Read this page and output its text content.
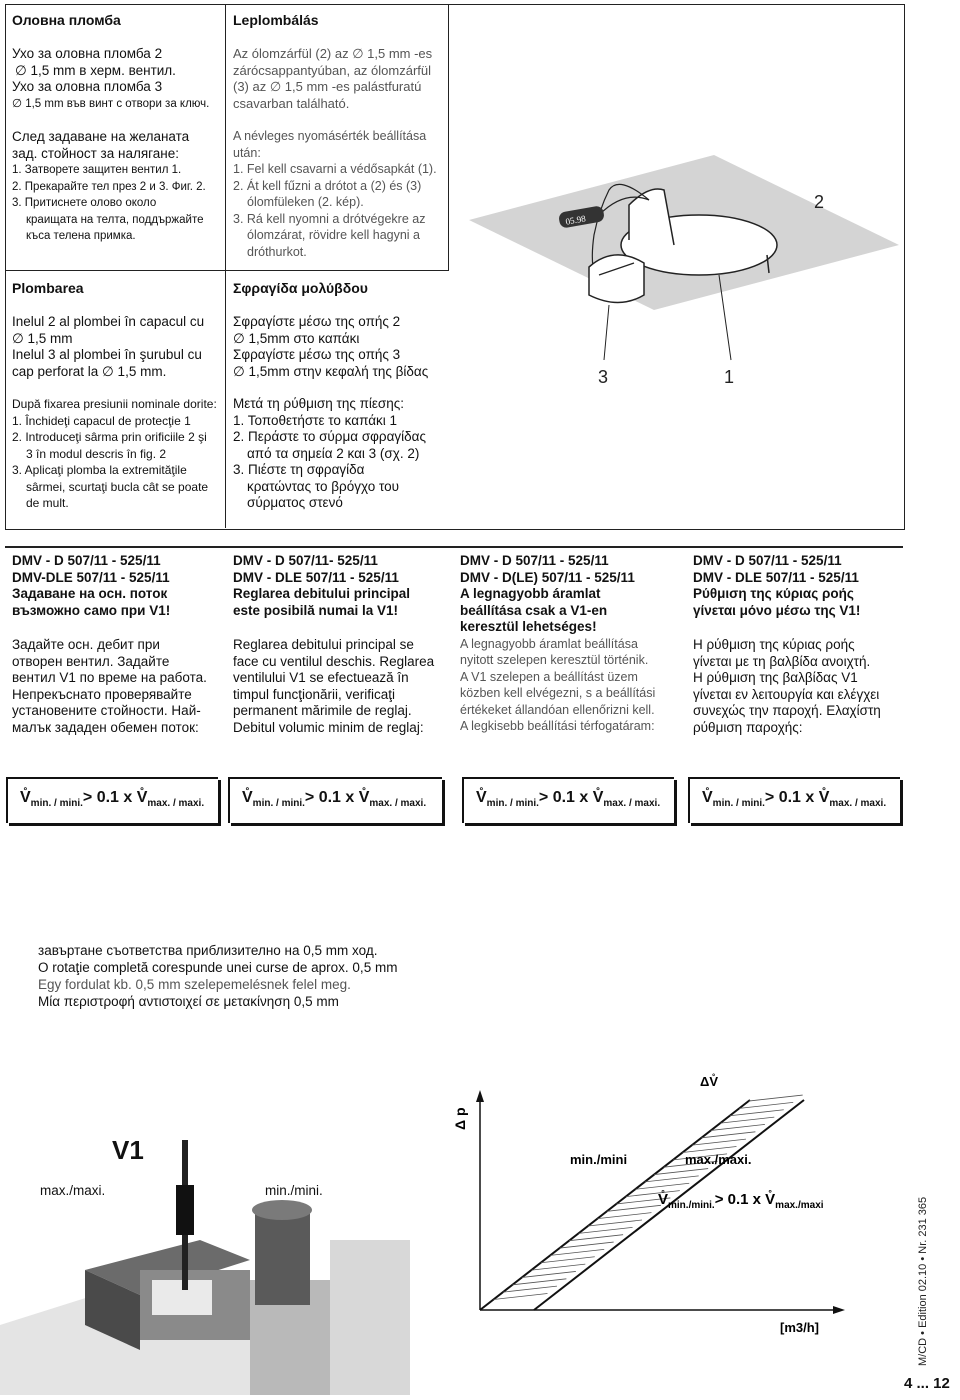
Оловна пломба

Ухо за оловна пломба 2

∅ 1,5 mm в херм. вентил.

Ухо за оловна пломба 3

∅ 1,5 mm във винт с отвори за ключ.

След задаване на желаната

зад. стойност за налягане:

1. Затворете защитен вентил 1.

2. Прекарайте тел през 2 и 3. Фиг. 2.

3. Притиснете олово около

краищата на телта, поддържайте

къса телена примка.

Leplombálás

Az ólomzárfül (2) az ∅ 1,5 mm -es

zárócsappantyúban, az ólomzárfül

(3) az ∅ 1,5 mm -es palástfuratú

csavarban található.

A névleges nyomásérték beállítása után:

1. Fel kell csavarni a védősapkát (1).

2. Át kell fűzni a drótot a (2) és (3)

ólomfüleken (2. kép).

3. Rá kell nyomni a drótvégekre az

ólomzárat, rövidre kell hagyni a

dróthurkot.

Plombarea

Inelul 2 al plombei în capacul cu

∅ 1,5 mm

Inelul 3 al plombei în şurubul cu

cap perforat la ∅ 1,5 mm.

După fixarea presiunii nominale dorite:

1. Închideţi capacul de protecţie 1

2. Introduceţi sârma prin orificiile 2 şi

3 în modul descris în fig. 2

3. Aplicaţi plomba la extremităţile

sârmei, scurtaţi bucla cât se poate

de mult.

Σφραγίδα μολύβδου

Σφραγίστε μέσω της οπής 2

∅ 1,5mm στο καπάκι

Σφραγίστε μέσω της οπής 3

∅ 1,5mm στην κεφαλή της βίδας

Μετά τη ρύθμιση της πίεσης:

1. Τοποθετήστε το καπάκι 1

2. Περάστε το σύρμα σφραγίδας

από τα σημεία 2 και 3 (σχ. 2)

3. Πιέστε τη σφραγίδα

κρατώντας το βρόγχο του

σύρματος στενό

05.98
2
3	1

DMV - D 507/11 - 525/11

DMV-DLE 507/11 - 525/11

Задаване на осн. поток

възможно само при V1!

Задайте осн. дебит при

отворен вентил. Задайте

вентил V1 по време на работа.

Непрекъснато проверявайте

установените стойности. Най-

малък зададен обемен поток:

DMV - D 507/11- 525/11

DMV - DLE 507/11 - 525/11

Reglarea debitului principal

este posibilă numai la V1!

Reglarea debitului principal se

face cu ventilul deschis. Reglarea

ventilului V1 se efectuează în

timpul funcţionării, verificaţi

permanent mărimile de reglaj.

Debitul volumic minim de reglaj:

DMV - D 507/11 - 525/11

DMV - D(LE) 507/11 - 525/11

A legnagyobb áramlat

beállítása csak a V1-en

keresztül lehetséges!

A legnagyobb áramlat beállítása

nyitott szelepen keresztül történik.

A V1 szelepen a beállítást üzem

közben kell elvégezni, s a beállítási

értékeket állandóan ellenőrizni kell.

A legkisebb beállítási térfogatáram:

DMV - D 507/11 - 525/11

DMV - DLE 507/11 - 525/11

Ρύθμιση της κύριας ροής

γίνεται μόνο μέσω της V1!

Η ρύθμιση της κύριας ροής

γίνεται με τη βαλβίδα ανοιχτή.

Η ρύθμιση της βαλβίδας V1

γίνεται εν λειτουργία και ελέγχει

συνεχώς την παροχή. Ελαχίστη

ρύθμιση παροχής:

$V̊_{min. / mini.}> 0.1$ x $V̊_{max. / maxi.}$ $V̊_{min. / mini.}> 0.1$ x $V̊_{max. / maxi.}$	$V̊_{min. / mini.}> 0.1$ x $V̊_{max. / maxi.}$	$V̊_{min. / mini.}> 0.1$ x $V̊_{max. / maxi.}$

завъртане съответства приблизително на 0,5 mm ход.

O rotaţie completă corespunde unei curse de aprox. 0,5 mm

Egy fordulat kb. 0,5 mm szelepemelésnek felel meg.

Μία περιστροφή αντιστοιχεί σε μετακίνηση 0,5 mm

V1
max./maxi.	min./mini.
Δ p
[m3/h]
ΔV̊
min./mini	max./maxi.
$V̊_{min./mini.}> 0.1$ x $V̊_{max./maxi}$	M/CD • Edition 02.10 • Nr. 231 365
4 ... 12
